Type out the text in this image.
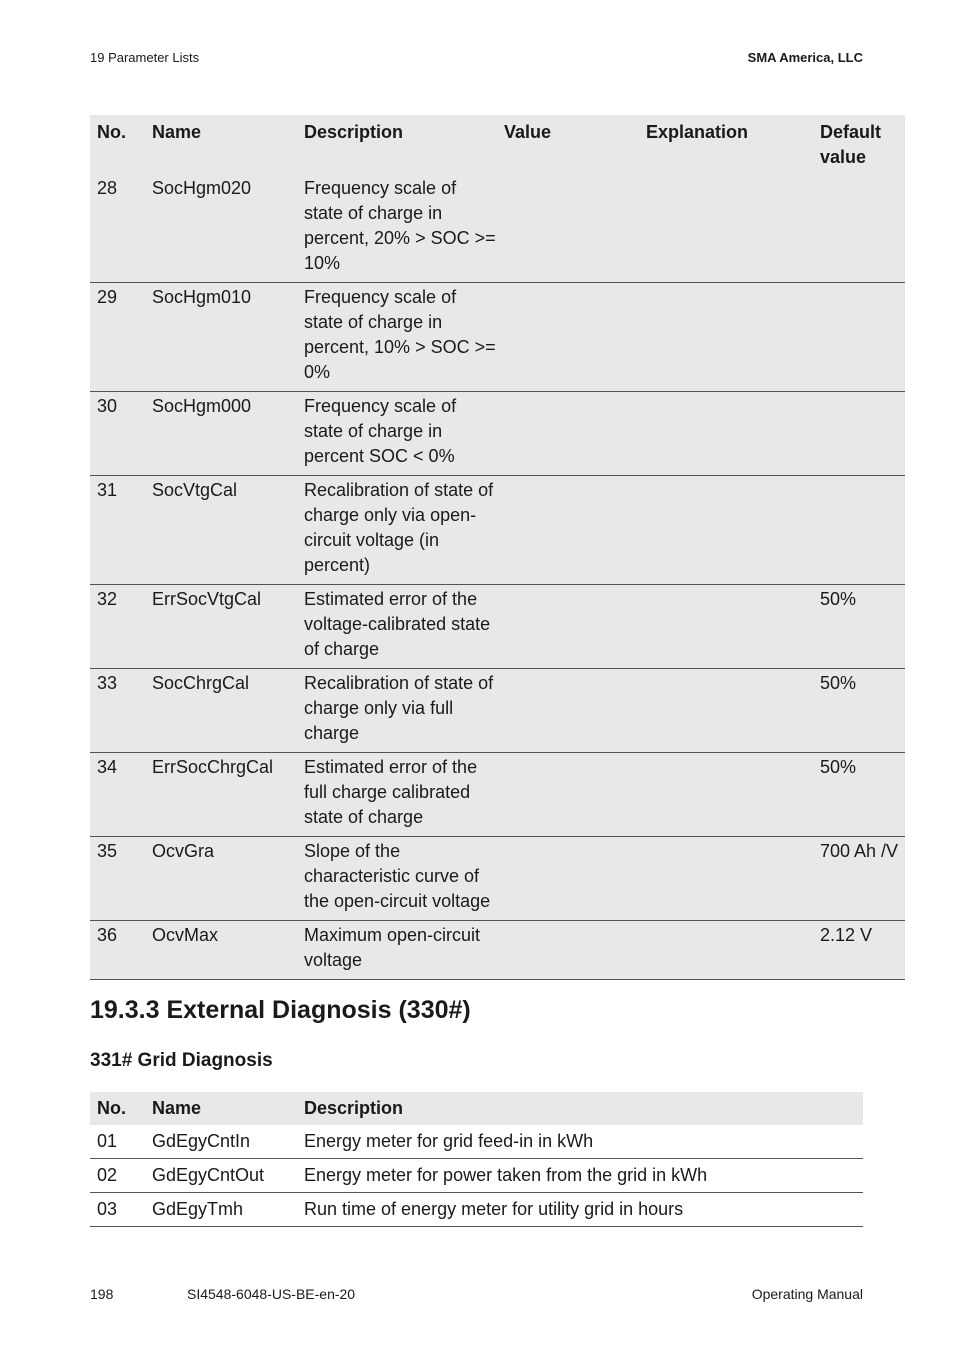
19 Parameter Lists	SMA America, LLC
No.	Name	Description	Value	Explanation	Default value
28	SocHgm020	Frequency scale of state of charge in percent, 20% > SOC >= 10%			
29	SocHgm010	Frequency scale of state of charge in percent, 10% > SOC >= 0%			
30	SocHgm000	Frequency scale of state of charge in percent SOC < 0%			
31	SocVtgCal	Recalibration of state of charge only via open-circuit voltage (in percent)			
32	ErrSocVtgCal	Estimated error of the voltage-calibrated state of charge			50%
33	SocChrgCal	Recalibration of state of charge only via full charge			50%
34	ErrSocChrgCal	Estimated error of the full charge calibrated state of charge			50%
35	OcvGra	Slope of the characteristic curve of the open-circuit voltage			700 Ah /V
36	OcvMax	Maximum open-circuit voltage			2.12 V
19.3.3 External Diagnosis (330#)
331# Grid Diagnosis
No.	Name	Description
01	GdEgyCntIn	Energy meter for grid feed-in in kWh
02	GdEgyCntOut	Energy meter for power taken from the grid in kWh
03	GdEgyTmh	Run time of energy meter for utility grid in hours
198	SI4548-6048-US-BE-en-20	Operating Manual
